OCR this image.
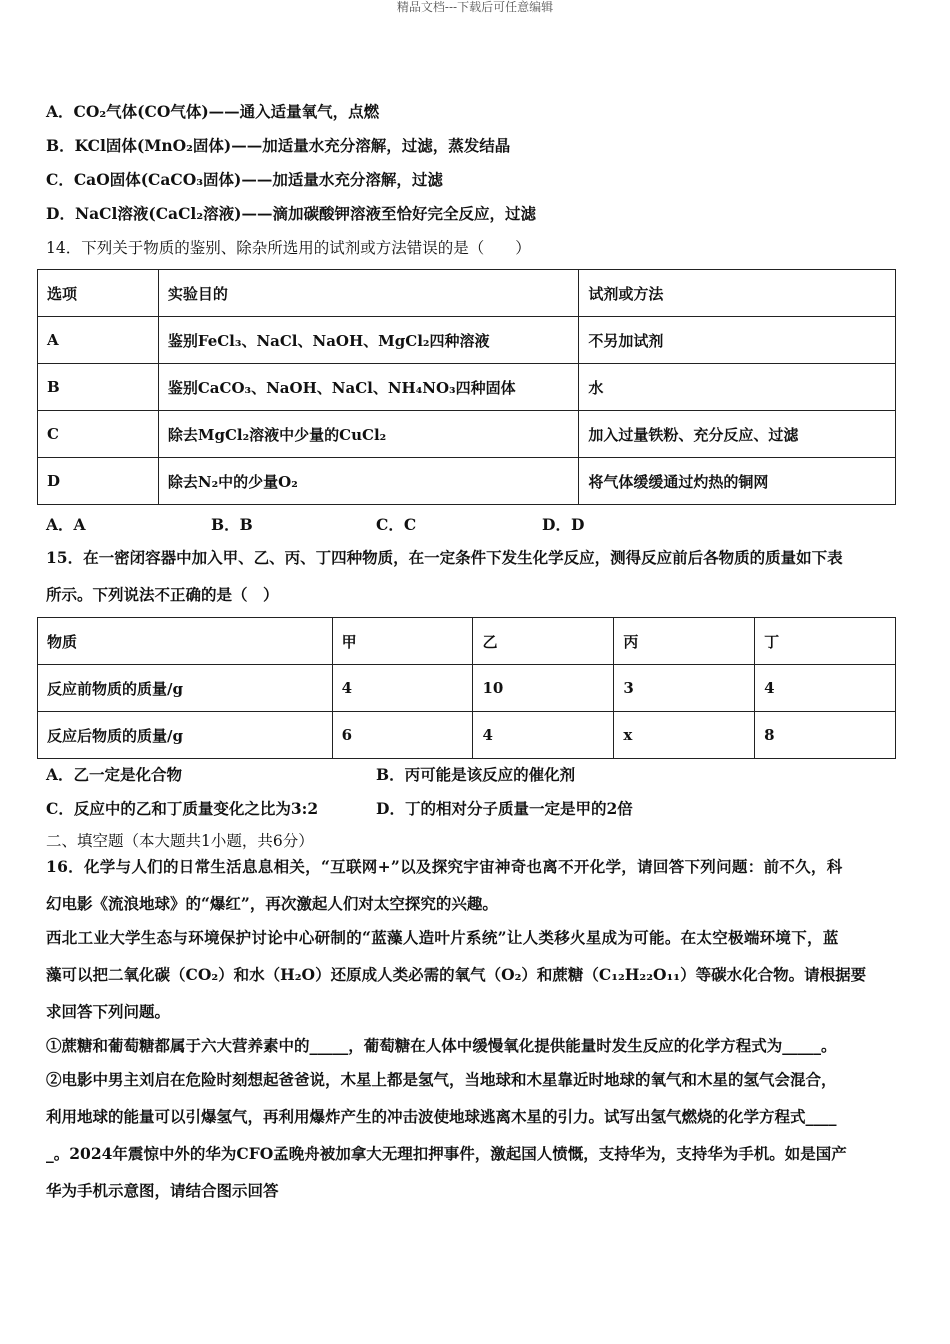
精品文档---下载后可任意编辑
A．CO₂气体(CO气体)——通入适量氧气，点燃
B．KCl固体(MnO₂固体)——加适量水充分溶解，过滤，蒸发结晶
C．CaO固体(CaCO₃固体)——加适量水充分溶解，过滤
D．NaCl溶液(CaCl₂溶液)——滴加碳酸钾溶液至恰好完全反应，过滤
14．下列关于物质的鉴别、除杂所选用的试剂或方法错误的是（　　）
选项	实验目的	试剂或方法
A	鉴别FeCl₃、NaCl、NaOH、MgCl₂四种溶液	不另加试剂
B	鉴别CaCO₃、NaOH、NaCl、NH₄NO₃四种固体	水
C	除去MgCl₂溶液中少量的CuCl₂	加入过量铁粉、充分反应、过滤
D	除去N₂中的少量O₂	将气体缓缓通过灼热的铜网
A．A	B．B	C．C	D．D
15．在一密闭容器中加入甲、乙、丙、丁四种物质，在一定条件下发生化学反应，测得反应前后各物质的质量如下表
所示。下列说法不正确的是（　）
物质	甲	乙	丙	丁
反应前物质的质量/g	4	10	3	4
反应后物质的质量/g	6	4	x	8
A．乙一定是化合物	B．丙可能是该反应的催化剂
C．反应中的乙和丁质量变化之比为3:2	D．丁的相对分子质量一定是甲的2倍
二、填空题（本大题共1小题，共6分）
16．化学与人们的日常生活息息相关，“互联网+”以及探究宇宙神奇也离不开化学，请回答下列问题：前不久，科
幻电影《流浪地球》的“爆红”，再次激起人们对太空探究的兴趣。
西北工业大学生态与环境保护讨论中心研制的“蓝藻人造叶片系统”让人类移火星成为可能。在太空极端环境下，蓝
藻可以把二氧化碳（CO₂）和水（H₂O）还原成人类必需的氧气（O₂）和蔗糖（C₁₂H₂₂O₁₁）等碳水化合物。请根据要
求回答下列问题。
①蔗糖和葡萄糖都属于六大营养素中的_____，葡萄糖在人体中缓慢氧化提供能量时发生反应的化学方程式为_____。
②电影中男主刘启在危险时刻想起爸爸说，木星上都是氢气，当地球和木星靠近时地球的氧气和木星的氢气会混合，
利用地球的能量可以引爆氢气，再利用爆炸产生的冲击波使地球逃离木星的引力。试写出氢气燃烧的化学方程式____
_。2024年震惊中外的华为CFO孟晚舟被加拿大无理扣押事件，激起国人愤慨，支持华为，支持华为手机。如是国产
华为手机示意图，请结合图示回答
